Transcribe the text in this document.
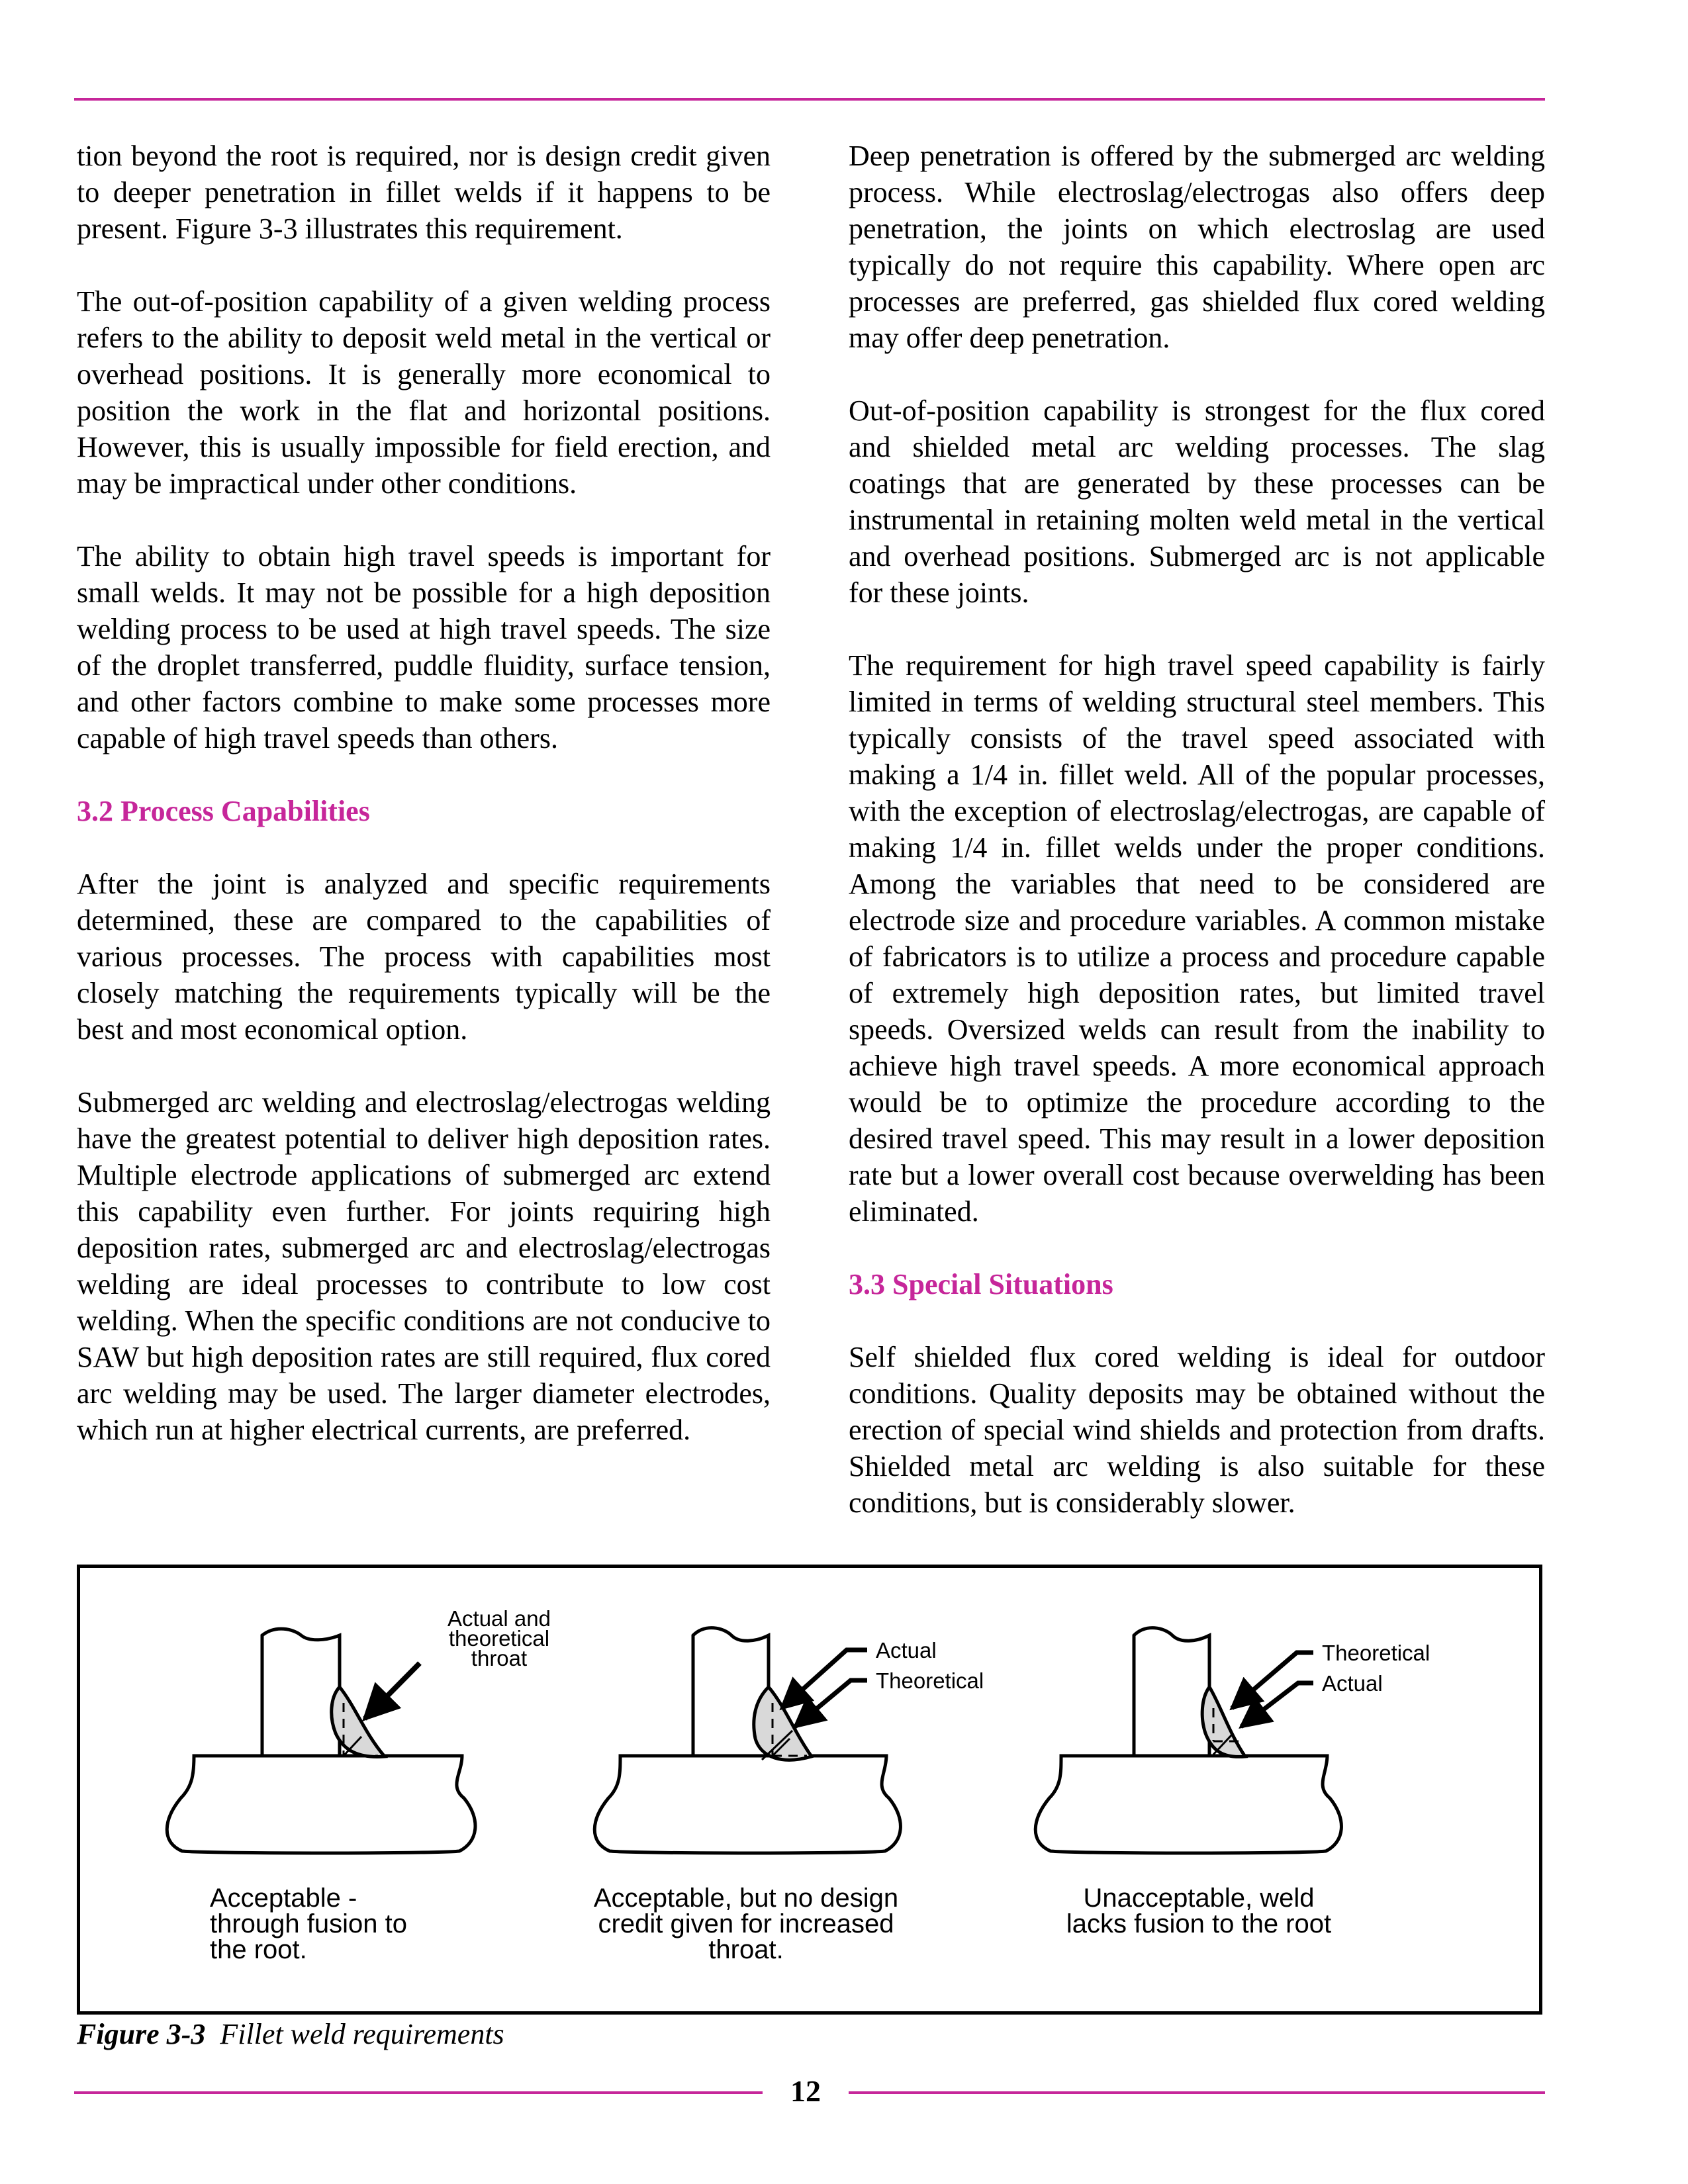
tion beyond the root is required, nor is design credit given to deeper penetration in fillet welds if it happens to be present. Figure 3-3 illustrates this requirement.

The out-of-position capability of a given welding process refers to the ability to deposit weld metal in the vertical or overhead positions. It is generally more economical to position the work in the flat and horizontal positions. However, this is usually impossible for field erection, and may be impractical under other conditions.

The ability to obtain high travel speeds is important for small welds. It may not be possible for a high deposition welding process to be used at high travel speeds. The size of the droplet transferred, puddle fluidity, surface tension, and other factors combine to make some processes more capable of high travel speeds than others.

3.2 Process Capabilities

After the joint is analyzed and specific requirements determined, these are compared to the capabilities of various processes. The process with capabilities most closely matching the requirements typically will be the best and most economical option.

Submerged arc welding and electroslag/electrogas welding have the greatest potential to deliver high deposition rates. Multiple electrode applications of submerged arc extend this capability even further. For joints requiring high deposition rates, submerged arc and electroslag/electrogas welding are ideal processes to contribute to low cost welding. When the specific conditions are not conducive to SAW but high deposition rates are still required, flux cored arc welding may be used. The larger diameter electrodes, which run at higher electrical currents, are preferred.

Deep penetration is offered by the submerged arc welding process. While electroslag/electrogas also offers deep penetration, the joints on which electroslag are used typically do not require this capability. Where open arc processes are preferred, gas shielded flux cored welding may offer deep penetration.

Out-of-position capability is strongest for the flux cored and shielded metal arc welding processes. The slag coatings that are generated by these processes can be instrumental in retaining molten weld metal in the vertical and overhead positions. Submerged arc is not applicable for these joints.

The requirement for high travel speed capability is fairly limited in terms of welding structural steel members. This typically consists of the travel speed associated with making a 1/4 in. fillet weld. All of the popular processes, with the exception of electroslag/electrogas, are capable of making 1/4 in. fillet welds under the proper conditions. Among the variables that need to be considered are electrode size and procedure variables. A common mistake of fabricators is to utilize a process and procedure capable of extremely high deposition rates, but limited travel speeds. Oversized welds can result from the inability to achieve high travel speeds. A more economical approach would be to optimize the procedure according to the desired travel speed. This may result in a lower deposition rate but a lower overall cost because overwelding has been eliminated.

3.3 Special Situations

Self shielded flux cored welding is ideal for outdoor conditions. Quality deposits may be obtained without the erection of special wind shields and protection from drafts. Shielded metal arc welding is also suitable for these conditions, but is considerably slower.

Actual and
theoretical
throat
Acceptable -
through fusion to
the root.
Actual
Theoretical
Acceptable, but no design
credit given for increased
throat.
Theoretical
Actual
Unacceptable, weld
lacks fusion to the root
Figure 3-3 Fillet weld requirements
12
